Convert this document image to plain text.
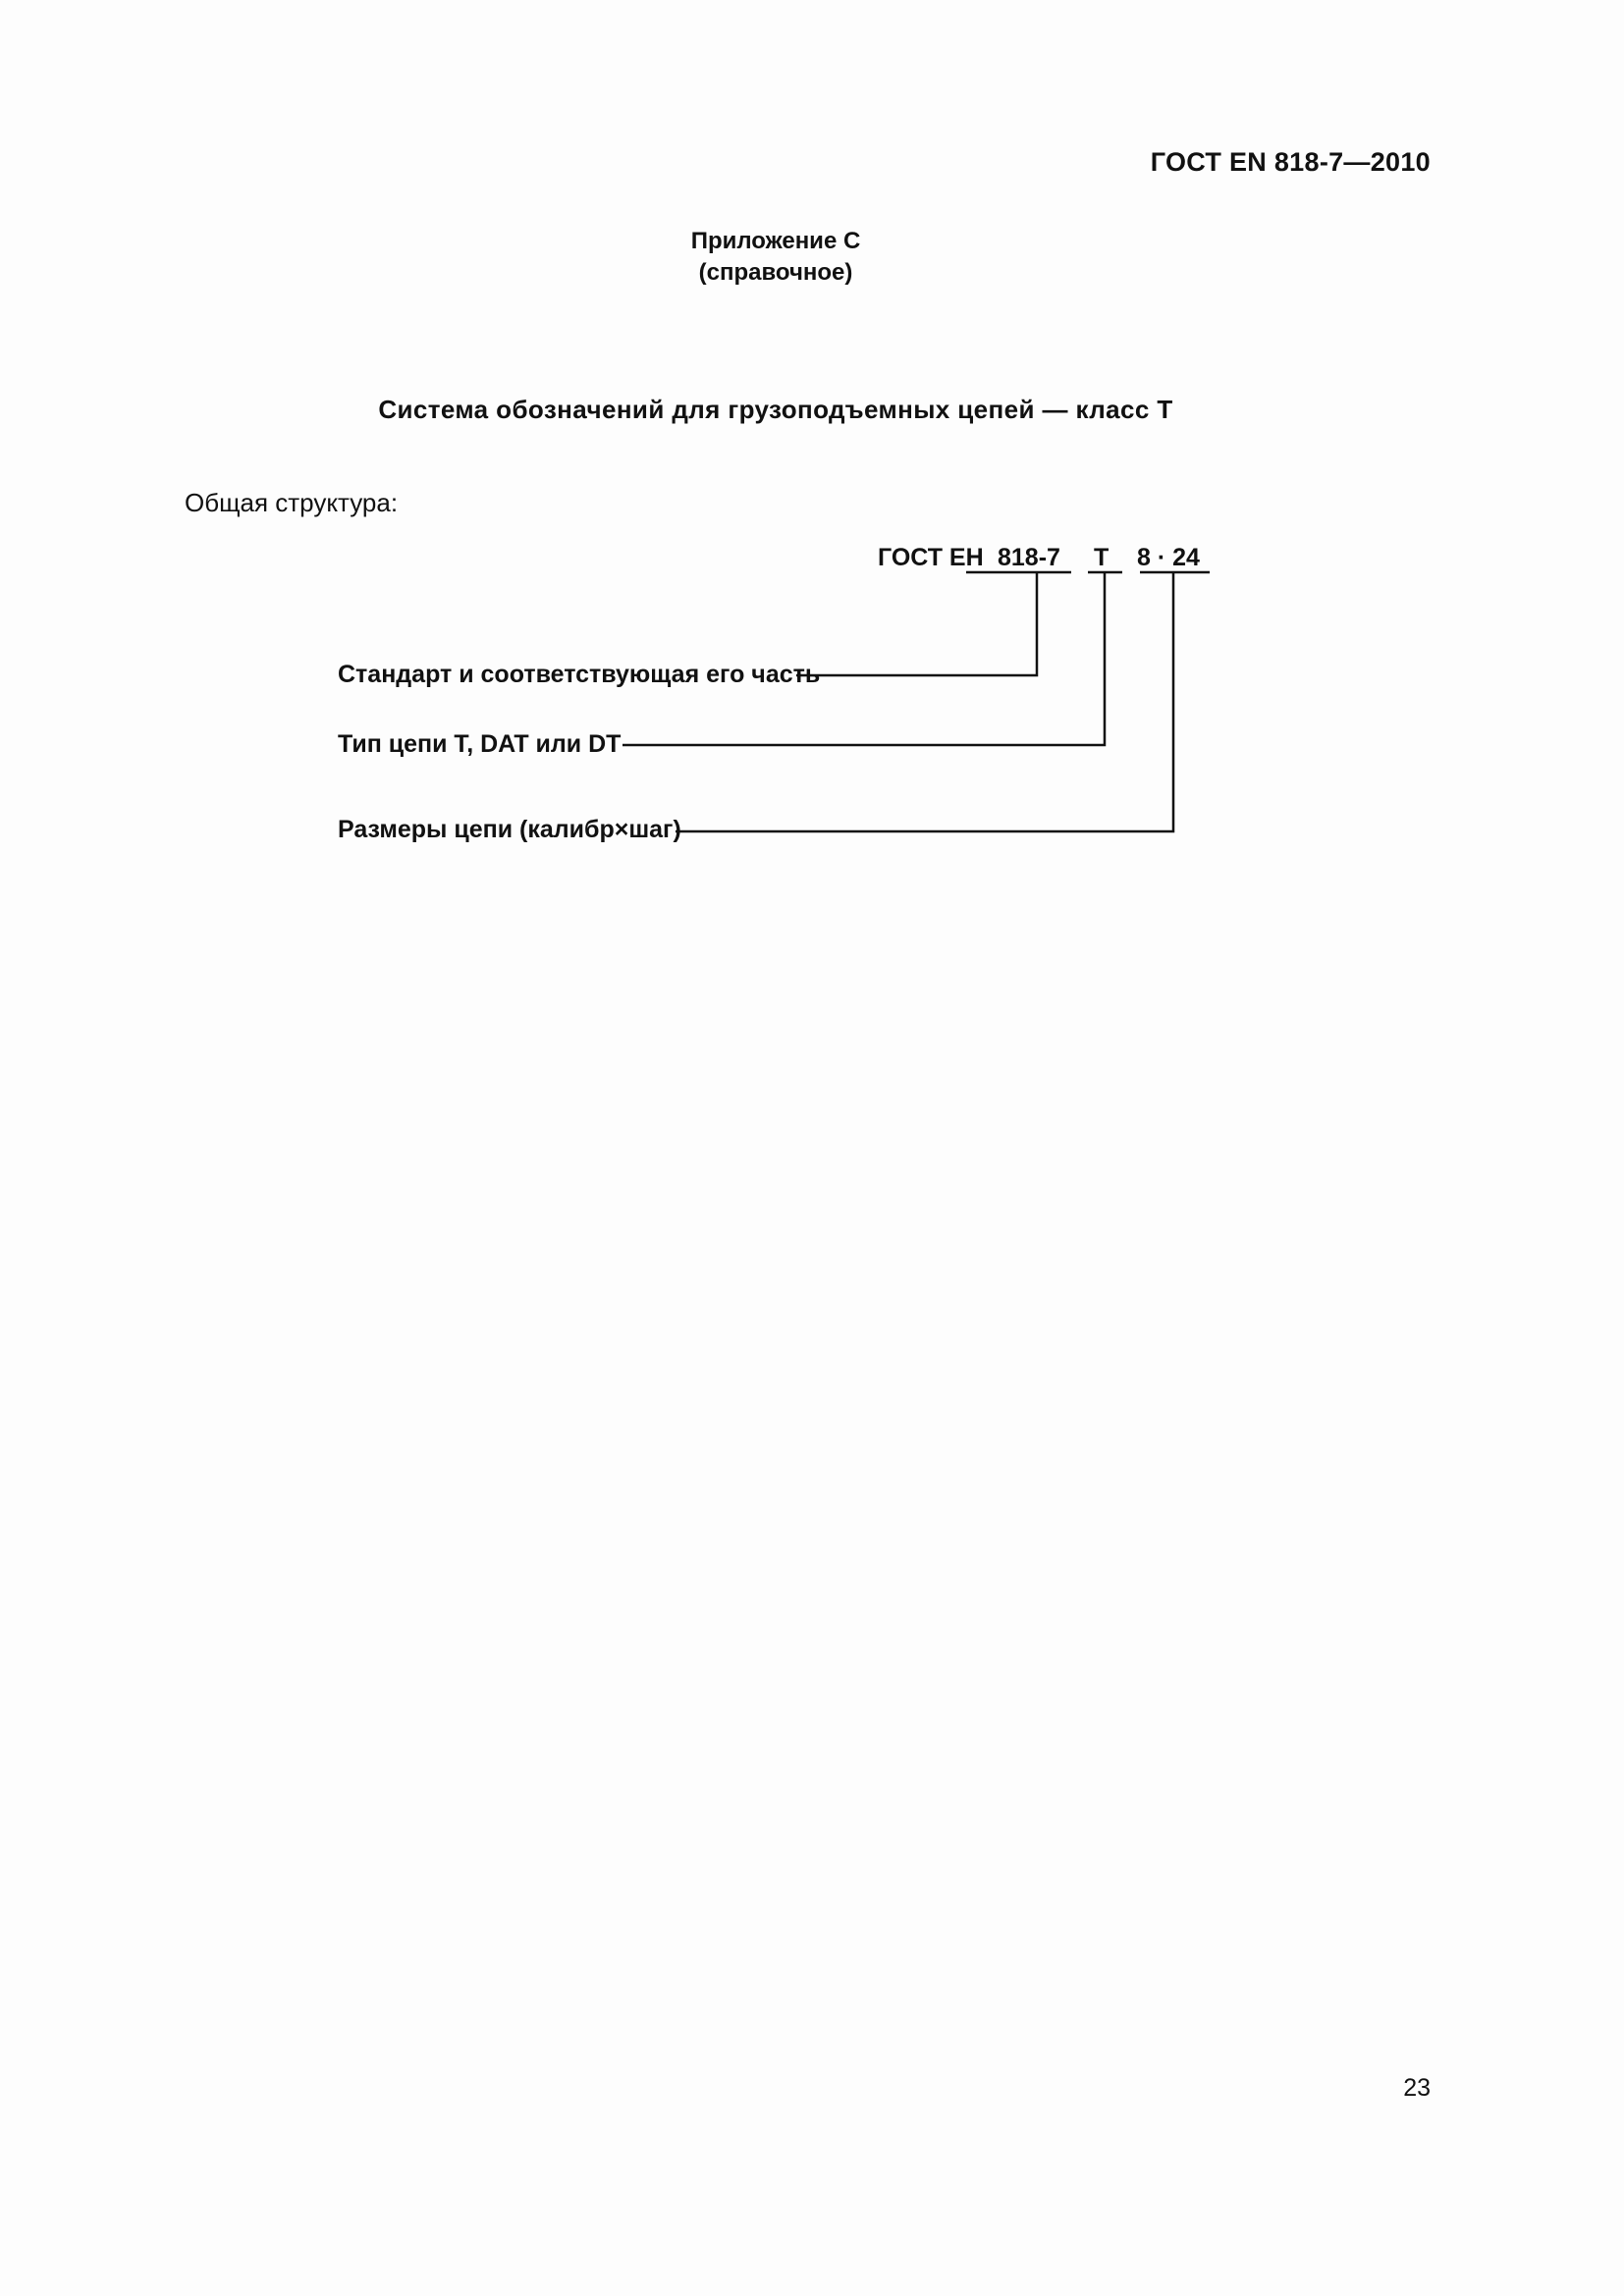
ГОСТ EN 818-7—2010
Приложение С
(справочное)
Система обозначений для грузоподъемных цепей — класс Т
Общая структура:
ГОСТ ЕН 818-7 Т 8 · 24
Стандарт и соответствующая его часть
Тип цепи Т, DAT или DT
Размеры цепи (калибр×шаг)
23
